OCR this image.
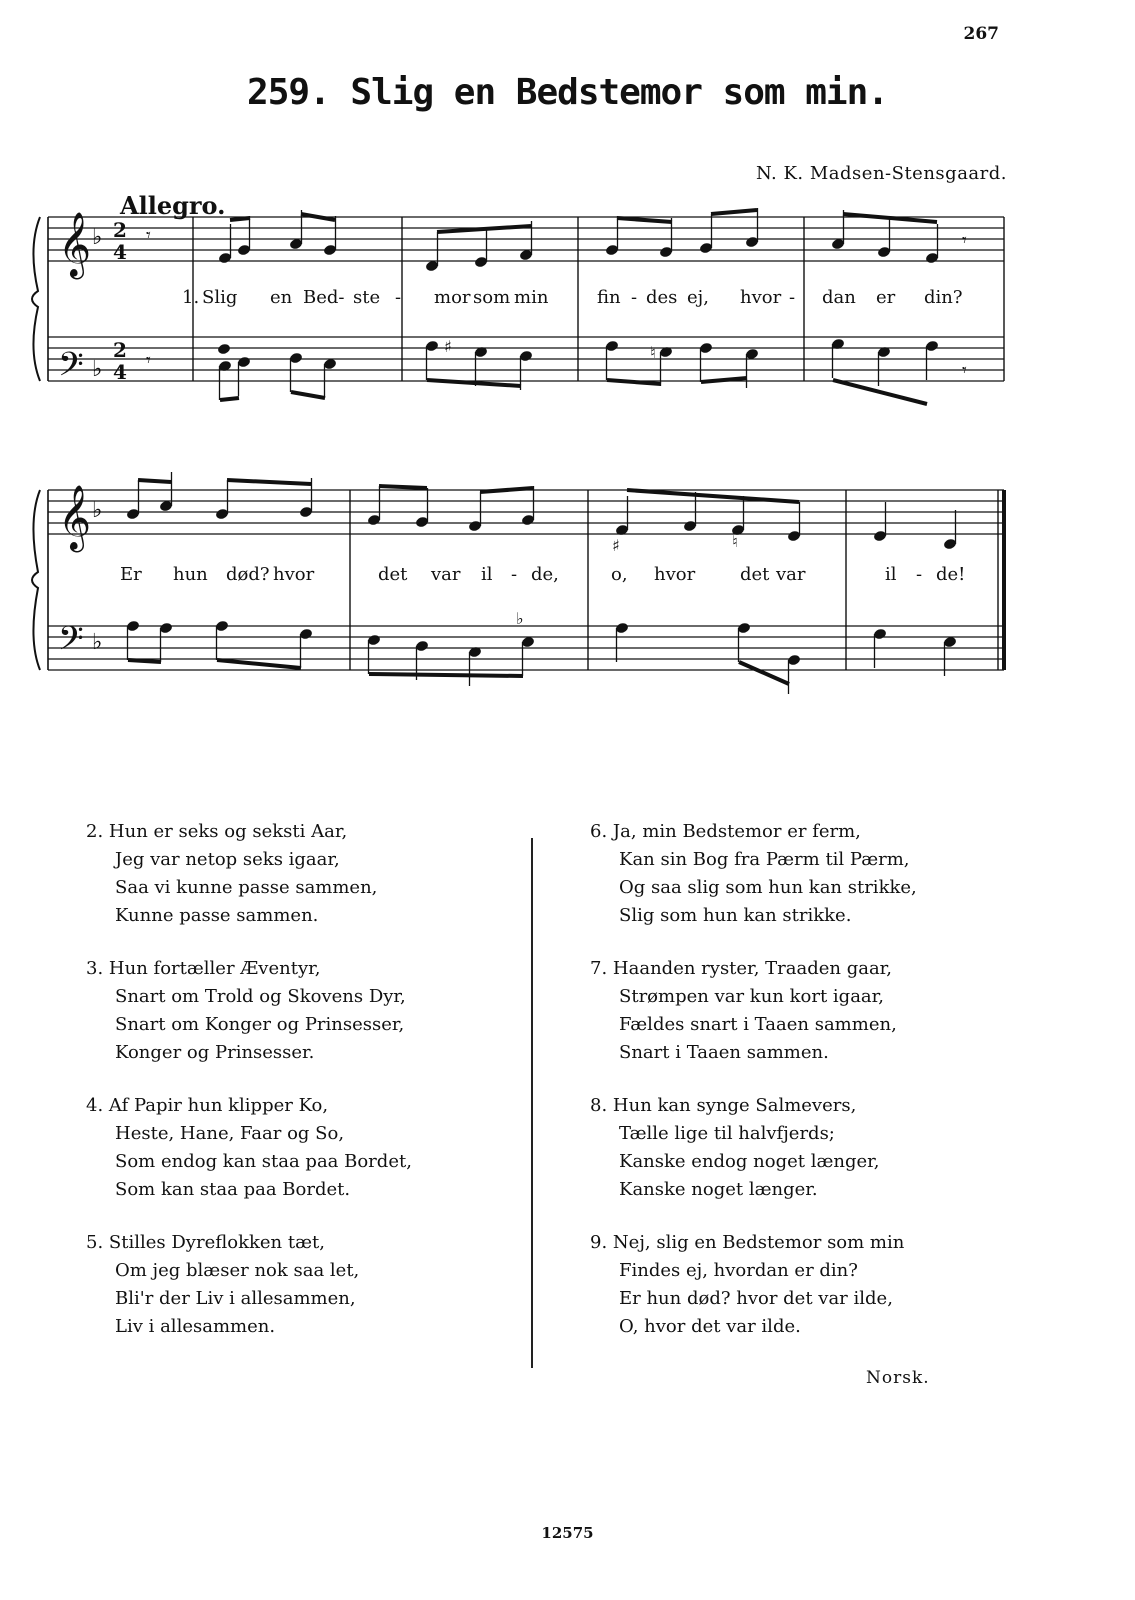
267
259. Slig en Bedstemor som min.
N. K. Madsen-Stensgaard.
Allegro.
𝄞
𝄢
𝄞
𝄢
♭
♭
♭
♭
2
4
2
4
𝄾
𝄾
𝄾
𝄾
♯	♮
♯	♮
♭
1. Slig en Bed- ste - mor som min	fin - des ej, hvor - dan er din?
Er hun død? hvor	det var il - de,	o, hvor det var	il - de!
Norsk.
12575
2. Hun er seks og seksti Aar,
Jeg var netop seks igaar,
Saa vi kunne passe sammen,
Kunne passe sammen.
3. Hun fortæller Æventyr,
Snart om Trold og Skovens Dyr,
Snart om Konger og Prinsesser,
Konger og Prinsesser.
4. Af Papir hun klipper Ko,
Heste, Hane, Faar og So,
Som endog kan staa paa Bordet,
Som kan staa paa Bordet.
5. Stilles Dyreflokken tæt,
Om jeg blæser nok saa let,
Bli'r der Liv i allesammen,
Liv i allesammen.
6. Ja, min Bedstemor er ferm,
Kan sin Bog fra Pærm til Pærm,
Og saa slig som hun kan strikke,
Slig som hun kan strikke.
7. Haanden ryster, Traaden gaar,
Strømpen var kun kort igaar,
Fældes snart i Taaen sammen,
Snart i Taaen sammen.
8. Hun kan synge Salmevers,
Tælle lige til halvfjerds;
Kanske endog noget længer,
Kanske noget længer.
9. Nej, slig en Bedstemor som min
Findes ej, hvordan er din?
Er hun død? hvor det var ilde,
O, hvor det var ilde.
